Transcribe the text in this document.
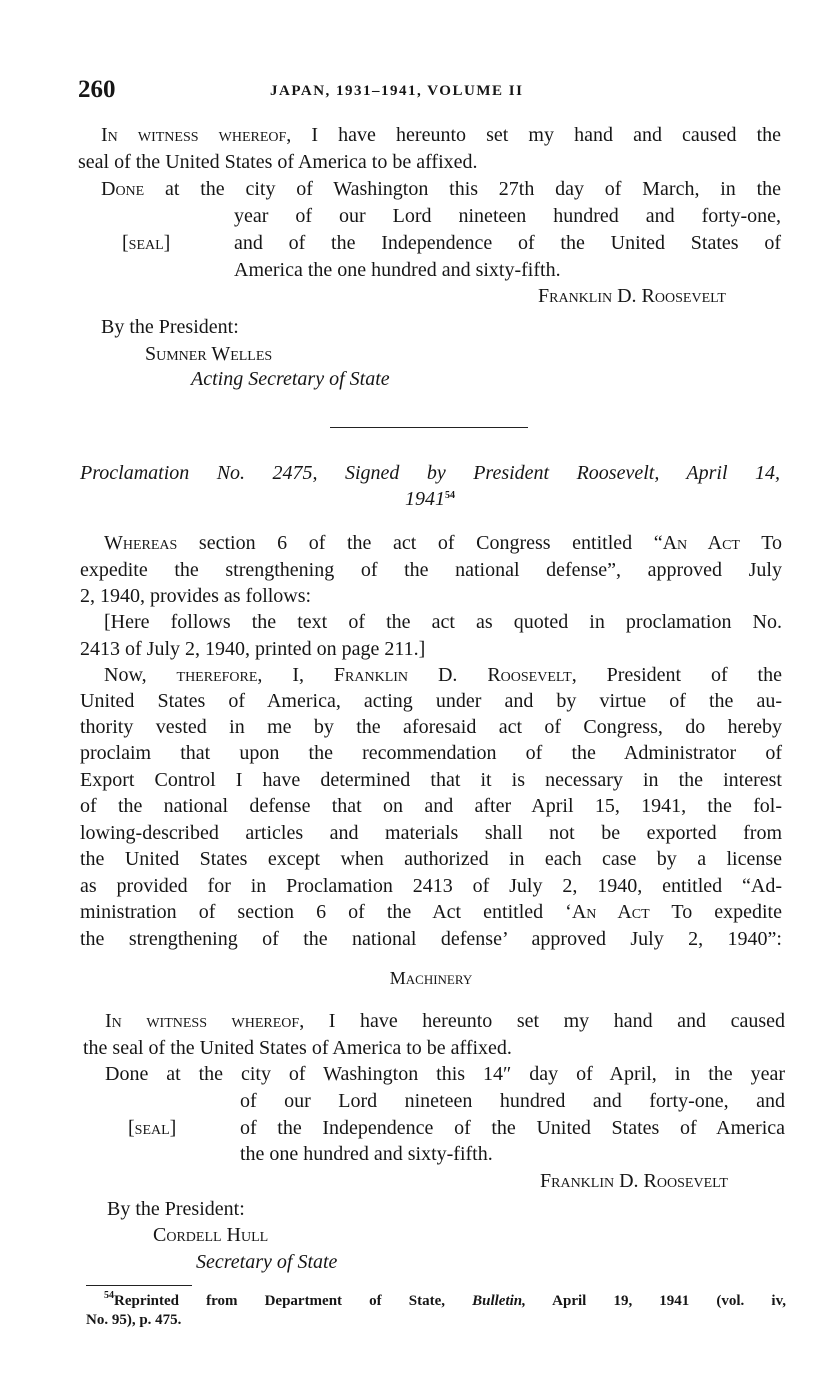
260	JAPAN, 1931–1941, VOLUME II
In witness whereof, I have hereunto set my hand and caused the
seal of the United States of America to be affixed.
Done at the city of Washington this 27th day of March, in the
year of our Lord nineteen hundred and forty-one,
[seal]	and of the Independence of the United States of
America the one hundred and sixty-fifth.
Franklin D. Roosevelt
By the President:
Sumner Welles
Acting Secretary of State
Proclamation No. 2475, Signed by President Roosevelt, April 14,
1941$^{54}$
Whereas section 6 of the act of Congress entitled “An Act To
expedite the strengthening of the national defense”, approved July
2, 1940, provides as follows:
[Here follows the text of the act as quoted in proclamation No.
2413 of July 2, 1940, printed on page 211.]
Now, therefore, I, Franklin D. Roosevelt, President of the
United States of America, acting under and by virtue of the au-
thority vested in me by the aforesaid act of Congress, do hereby
proclaim that upon the recommendation of the Administrator of
Export Control I have determined that it is necessary in the interest
of the national defense that on and after April 15, 1941, the fol-
lowing-described articles and materials shall not be exported from
the United States except when authorized in each case by a license
as provided for in Proclamation 2413 of July 2, 1940, entitled “Ad-
ministration of section 6 of the Act entitled ‘An Act To expedite
the strengthening of the national defense’ approved July 2, 1940”:
Machinery
In witness whereof, I have hereunto set my hand and caused
the seal of the United States of America to be affixed.
Done at the city of Washington this 14″ day of April, in the year
of our Lord nineteen hundred and forty-one, and
[seal]	of the Independence of the United States of America
the one hundred and sixty-fifth.
Franklin D. Roosevelt
By the President:
Cordell Hull
Secretary of State
$^{54}$Reprinted from Department of State, Bulletin, April 19, 1941 (vol. iv,
No. 95), p. 475.
